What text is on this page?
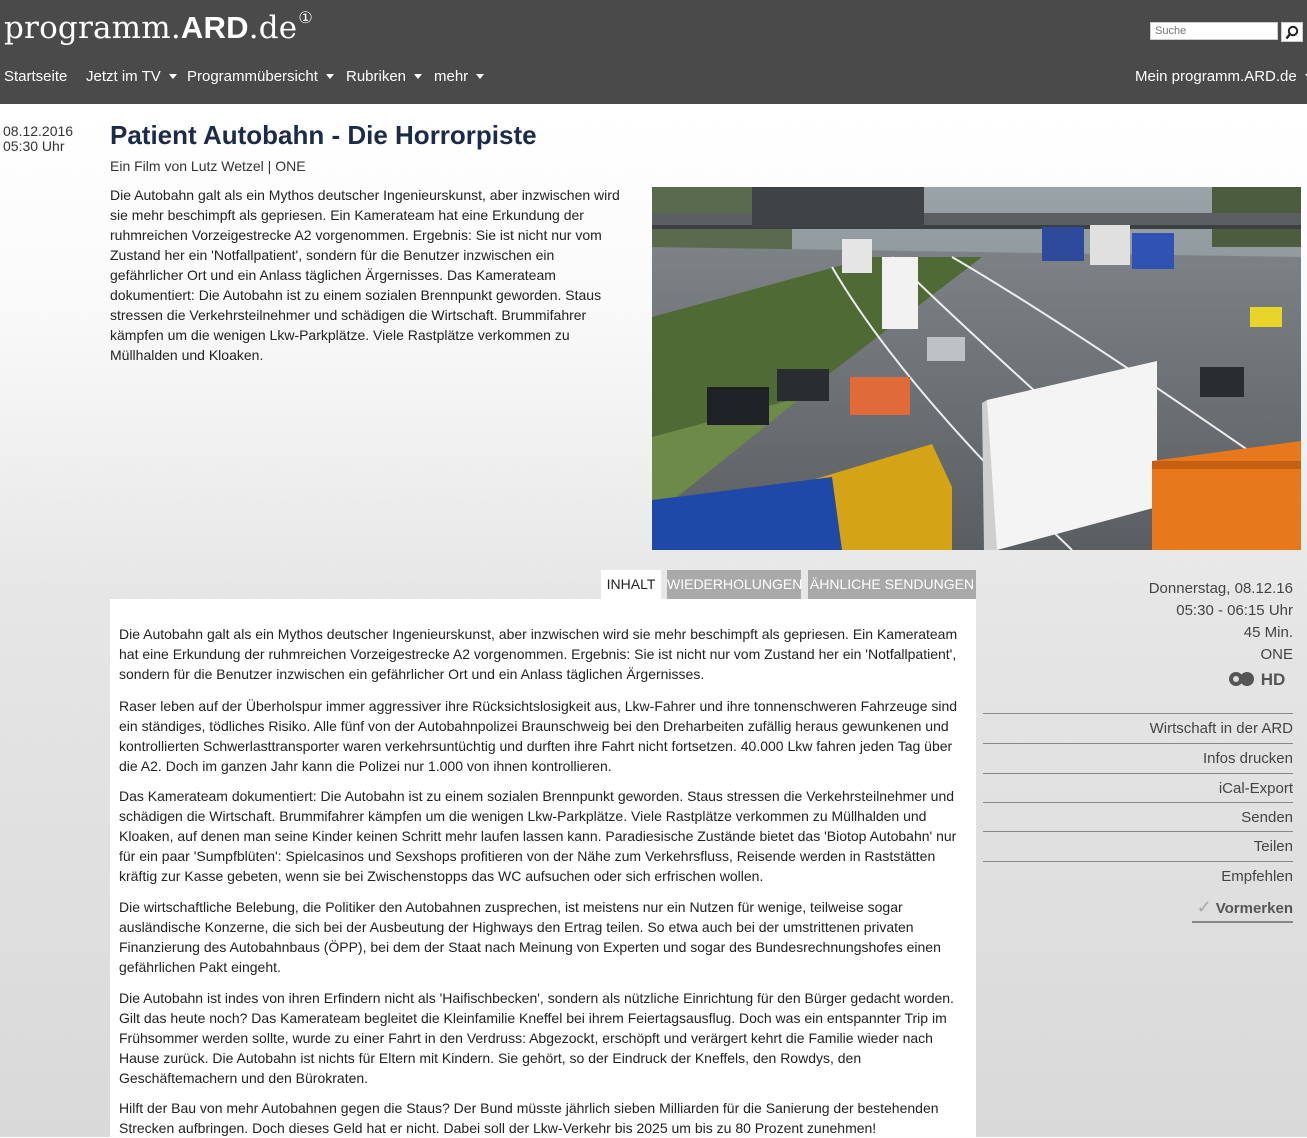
programm.ARD.de①
Suche
Startseite Jetzt im TV	Programmübersicht	Rubriken	mehr	Mein programm.ARD.de
08.12.2016
05:30 Uhr	Patient Autobahn - Die Horrorpiste
Ein Film von Lutz Wetzel | ONE
Die Autobahn galt als ein Mythos deutscher Ingenieurskunst, aber inzwischen wird sie mehr beschimpft als gepriesen. Ein Kamerateam hat eine Erkundung der ruhmreichen Vorzeigestrecke A2 vorgenommen. Ergebnis: Sie ist nicht nur vom Zustand her ein 'Notfallpatient', sondern für die Benutzer inzwischen ein gefährlicher Ort und ein Anlass täglichen Ärgernisses. Das Kamerateam dokumentiert: Die Autobahn ist zu einem sozialen Brennpunkt geworden. Staus stressen die Verkehrsteilnehmer und schädigen die Wirtschaft. Brummifahrer kämpfen um die wenigen Lkw-Parkplätze. Viele Rastplätze verkommen zu Müllhalden und Kloaken.
INHALT WIEDERHOLUNGEN ÄHNLICHE SENDUNGEN

Die Autobahn galt als ein Mythos deutscher Ingenieurskunst, aber inzwischen wird sie mehr beschimpft als gepriesen. Ein Kamerateam hat eine Erkundung der ruhmreichen Vorzeigestrecke A2 vorgenommen. Ergebnis: Sie ist nicht nur vom Zustand her ein 'Notfallpatient', sondern für die Benutzer inzwischen ein gefährlicher Ort und ein Anlass täglichen Ärgernisses.

Raser leben auf der Überholspur immer aggressiver ihre Rücksichtslosigkeit aus, Lkw-Fahrer und ihre tonnenschweren Fahrzeuge sind ein ständiges, tödliches Risiko. Alle fünf von der Autobahnpolizei Braunschweig bei den Dreharbeiten zufällig heraus gewunkenen und kontrollierten Schwerlasttransporter waren verkehrsuntüchtig und durften ihre Fahrt nicht fortsetzen. 40.000 Lkw fahren jeden Tag über die A2. Doch im ganzen Jahr kann die Polizei nur 1.000 von ihnen kontrollieren.

Das Kamerateam dokumentiert: Die Autobahn ist zu einem sozialen Brennpunkt geworden. Staus stressen die Verkehrsteilnehmer und schädigen die Wirtschaft. Brummifahrer kämpfen um die wenigen Lkw-Parkplätze. Viele Rastplätze verkommen zu Müllhalden und Kloaken, auf denen man seine Kinder keinen Schritt mehr laufen lassen kann. Paradiesische Zustände bietet das 'Biotop Autobahn' nur für ein paar 'Sumpfblüten': Spielcasinos und Sexshops profitieren von der Nähe zum Verkehrsfluss, Reisende werden in Raststätten kräftig zur Kasse gebeten, wenn sie bei Zwischenstopps das WC aufsuchen oder sich erfrischen wollen.

Die wirtschaftliche Belebung, die Politiker den Autobahnen zusprechen, ist meistens nur ein Nutzen für wenige, teilweise sogar ausländische Konzerne, die sich bei der Ausbeutung der Highways den Ertrag teilen. So etwa auch bei der umstrittenen privaten Finanzierung des Autobahnbaus (ÖPP), bei dem der Staat nach Meinung von Experten und sogar des Bundesrechnungshofes einen gefährlichen Pakt eingeht.

Die Autobahn ist indes von ihren Erfindern nicht als 'Haifischbecken', sondern als nützliche Einrichtung für den Bürger gedacht worden. Gilt das heute noch? Das Kamerateam begleitet die Kleinfamilie Kneffel bei ihrem Feiertagsausflug. Doch was ein entspannter Trip im Frühsommer werden sollte, wurde zu einer Fahrt in den Verdruss: Abgezockt, erschöpft und verärgert kehrt die Familie wieder nach Hause zurück. Die Autobahn ist nichts für Eltern mit Kindern. Sie gehört, so der Eindruck der Kneffels, den Rowdys, den Geschäftemachern und den Bürokraten.

Hilft der Bau von mehr Autobahnen gegen die Staus? Der Bund müsste jährlich sieben Milliarden für die Sanierung der bestehenden Strecken aufbringen. Doch dieses Geld hat er nicht. Dabei soll der Lkw-Verkehr bis 2025 um bis zu 80 Prozent zunehmen!

Donnerstag, 08.12.16
05:30 - 06:15 Uhr
45 Min.
ONE
HD
Wirtschaft in der ARD
Infos drucken
iCal-Export
Senden
Teilen
Empfehlen
✓ Vormerken
